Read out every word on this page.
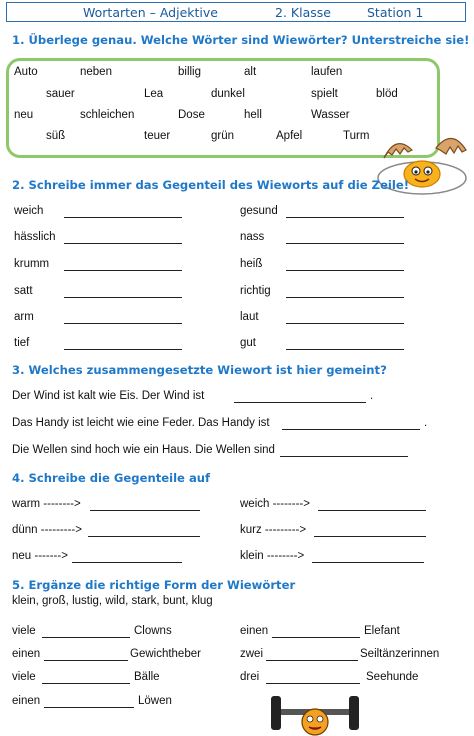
Wortarten – Adjektive	2. Klasse	Station 1
1. Überlege genau. Welche Wörter sind Wiewörter? Unterstreiche sie!
Auto	neben	billig	alt	laufen
sauer	Lea	dunkel	spielt	blöd
neu	schleichen	Dose	hell	Wasser
süß	teuer	grün	Apfel	Turm
2. Schreibe immer das Gegenteil des Wieworts auf die Zeile!
weich	gesund
hässlich	nass
krumm	heiß
satt	richtig
arm	laut
tief	gut
3. Welches zusammengesetzte Wiewort ist hier gemeint?
Der Wind ist kalt wie Eis. Der Wind ist	.
Das Handy ist leicht wie eine Feder. Das Handy ist	.
Die Wellen sind hoch wie ein Haus. Die Wellen sind
4. Schreibe die Gegenteile auf
warm -------->	weich -------->
dünn --------->	kurz --------->
neu ------->	klein -------->
5. Ergänze die richtige Form der Wiewörter
klein, groß, lustig, wild, stark, bunt, klug
viele	Clowns	einen	Elefant
einen	Gewichtheber	zwei	Seiltänzerinnen
viele	Bälle	drei	Seehunde
einen	Löwen
